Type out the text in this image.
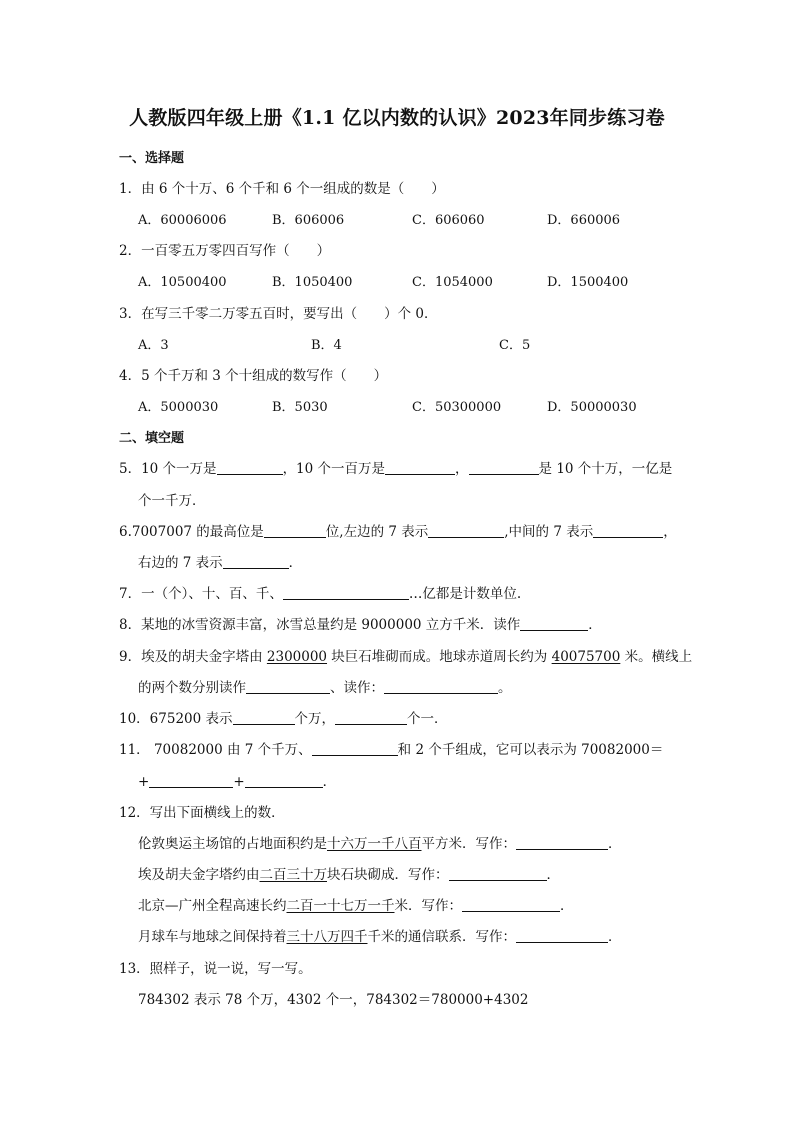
人教版四年级上册《1.1 亿以内数的认识》2023年同步练习卷
一、选择题
1．由 6 个十万、6 个千和 6 个一组成的数是（　　）
A．60006006	B．606006	C．606060	D．660006
2．一百零五万零四百写作（　　）
A．10500400	B．1050400	C．1054000	D．1500400
3．在写三千零二万零五百时，要写出（　　）个 0．
A．3	B．4	C．5
4．5 个千万和 3 个十组成的数写作（　　）
A．5000030	B．5030	C．50300000	D．50000030
二、填空题
5．10 个一万是	，10 个一百万是	，	是 10 个十万，一亿是
个一千万．
6.7007007 的最高位是	位,左边的 7 表示	,中间的 7 表示	，
右边的 7 表示	．
7．一（个）、十、百、千、	…亿都是计数单位.
8．某地的冰雪资源丰富，冰雪总量约是 9000000 立方千米．读作	．
9．埃及的胡夫金字塔由 2300000 块巨石堆砌而成。地球赤道周长约为 40075700 米。横线上
的两个数分别读作	、读作：	。
10．675200 表示	个万，	个一．
11． 70082000 由 7 个千万、	和 2 个千组成，它可以表示为 70082000＝
+	+	．
12．写出下面横线上的数．
伦敦奥运主场馆的占地面积约是十六万一千八百平方米．写作：	．
埃及胡夫金字塔约由二百三十万块石块砌成．写作：	．
北京—广州全程高速长约二百一十七万一千米．写作：	．
月球车与地球之间保持着三十八万四千千米的通信联系．写作：	．
13．照样子，说一说，写一写。
784302 表示 78 个万，4302 个一，784302＝780000+4302
